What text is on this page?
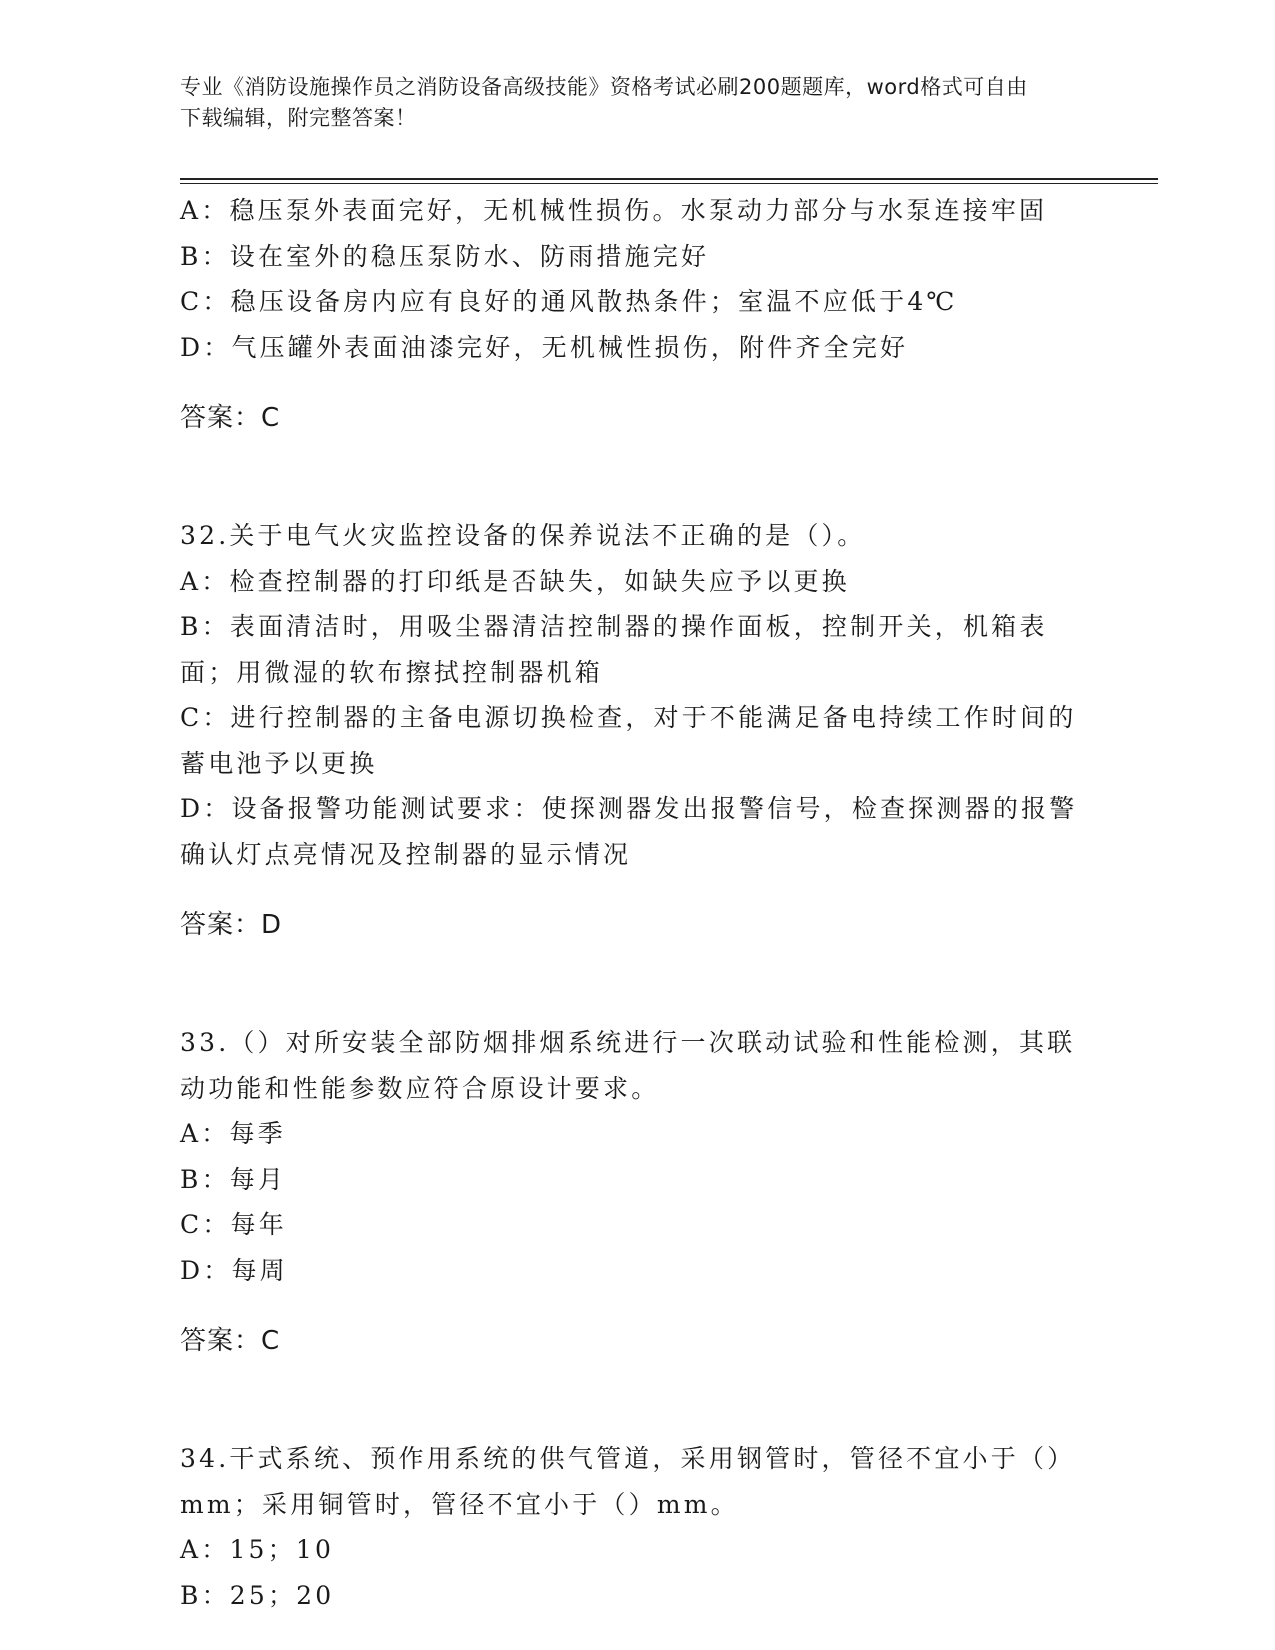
专业《消防设施操作员之消防设备高级技能》资格考试必刷200题题库，word格式可自由下载编辑，附完整答案！

A：稳压泵外表面完好，无机械性损伤。水泵动力部分与水泵连接牢固

B：设在室外的稳压泵防水、防雨措施完好

C：稳压设备房内应有良好的通风散热条件；室温不应低于4℃

D：气压罐外表面油漆完好，无机械性损伤，附件齐全完好

答案：C

32.关于电气火灾监控设备的保养说法不正确的是（）。

A：检查控制器的打印纸是否缺失，如缺失应予以更换

B：表面清洁时，用吸尘器清洁控制器的操作面板，控制开关，机箱表面；用微湿的软布擦拭控制器机箱

C：进行控制器的主备电源切换检查，对于不能满足备电持续工作时间的蓄电池予以更换

D：设备报警功能测试要求：使探测器发出报警信号，检查探测器的报警确认灯点亮情况及控制器的显示情况

答案：D

33.（）对所安装全部防烟排烟系统进行一次联动试验和性能检测，其联动功能和性能参数应符合原设计要求。

A：每季

B：每月

C：每年

D：每周

答案：C

34.干式系统、预作用系统的供气管道，采用钢管时，管径不宜小于（）mm；采用铜管时，管径不宜小于（）mm。

A：15；10

B：25；20
